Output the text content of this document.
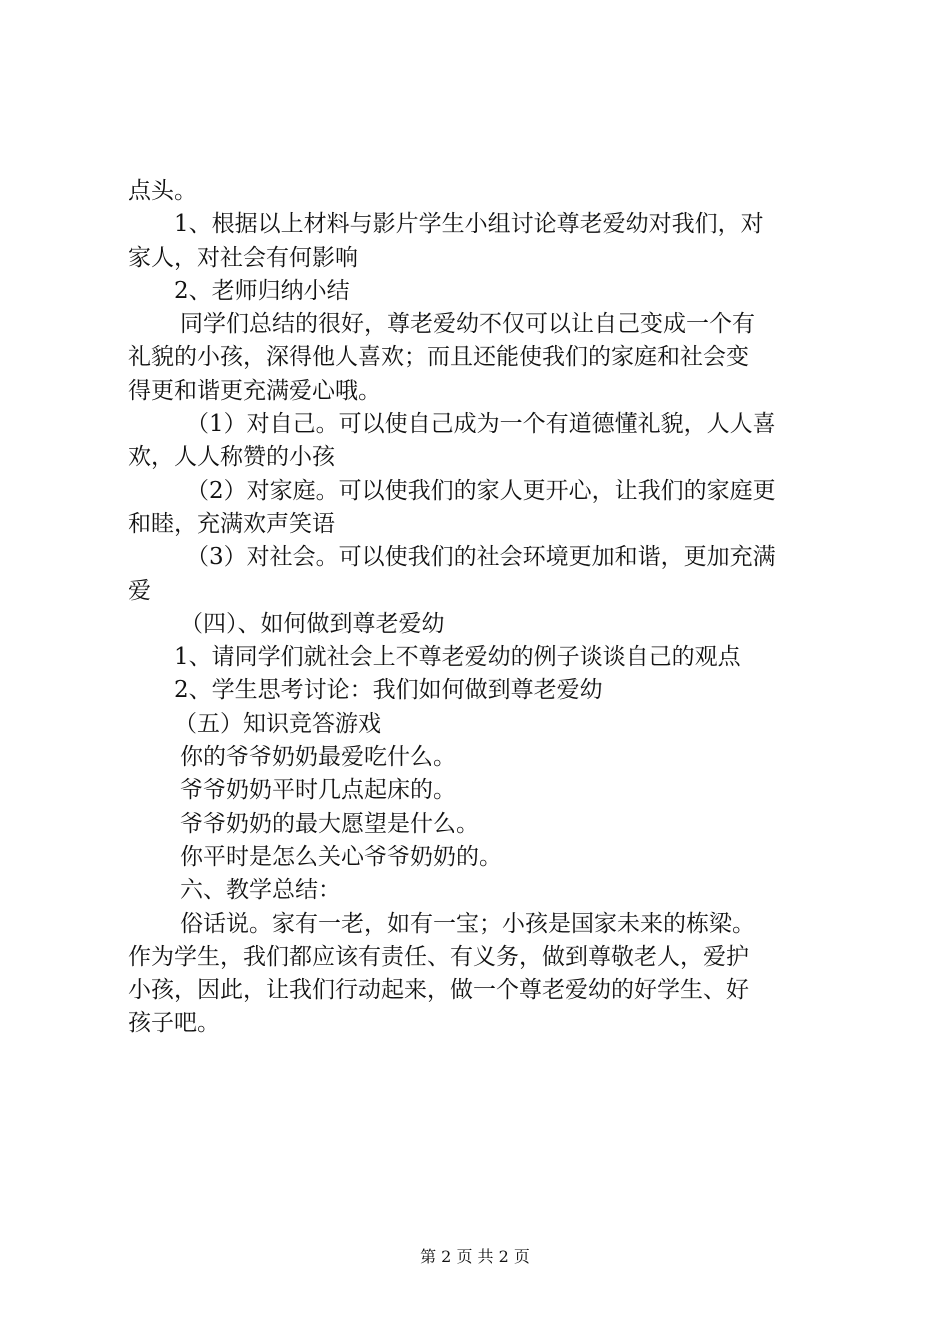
点头。
1、根据以上材料与影片学生小组讨论尊老爱幼对我们，对
家人，对社会有何影响
2、老师归纳小结
同学们总结的很好，尊老爱幼不仅可以让自己变成一个有
礼貌的小孩，深得他人喜欢；而且还能使我们的家庭和社会变
得更和谐更充满爱心哦。
（1）对自己。可以使自己成为一个有道德懂礼貌，人人喜
欢，人人称赞的小孩
（2）对家庭。可以使我们的家人更开心，让我们的家庭更
和睦，充满欢声笑语
（3）对社会。可以使我们的社会环境更加和谐，更加充满
爱
（四）、如何做到尊老爱幼
1、请同学们就社会上不尊老爱幼的例子谈谈自己的观点
2、学生思考讨论：我们如何做到尊老爱幼
（五）知识竞答游戏
你的爷爷奶奶最爱吃什么。
爷爷奶奶平时几点起床的。
爷爷奶奶的最大愿望是什么。
你平时是怎么关心爷爷奶奶的。
六、教学总结：
俗话说。家有一老，如有一宝；小孩是国家未来的栋梁。
作为学生，我们都应该有责任、有义务，做到尊敬老人，爱护
小孩，因此，让我们行动起来，做一个尊老爱幼的好学生、好
孩子吧。
第 2 页 共 2 页
